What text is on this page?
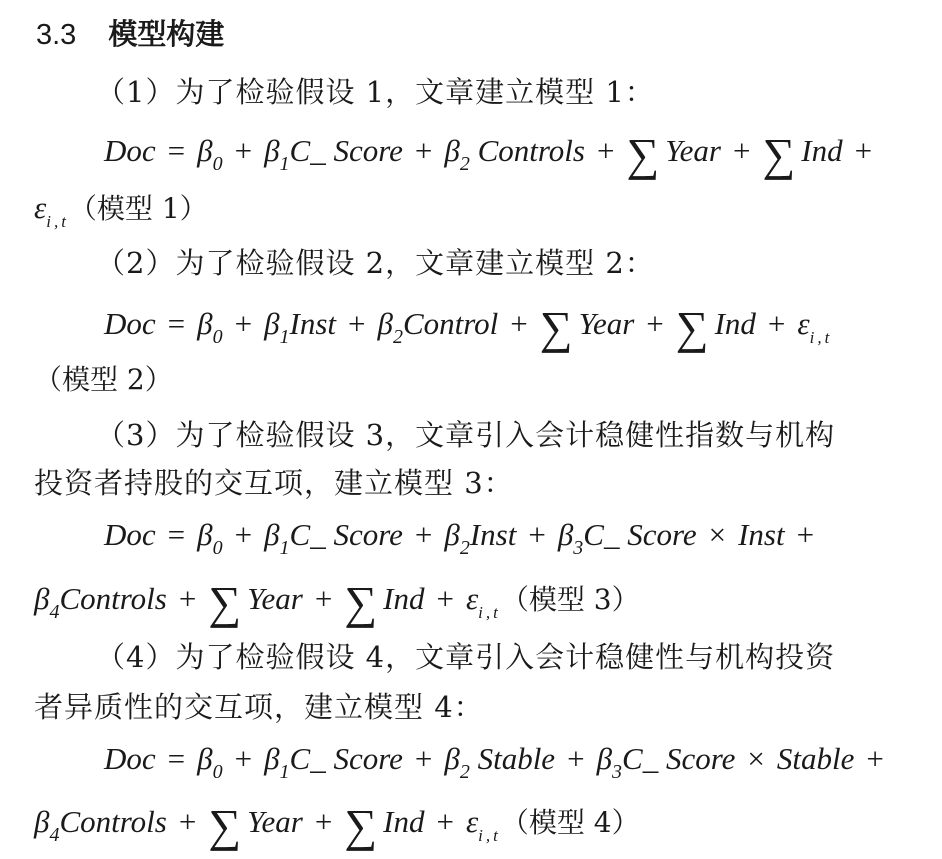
3.3 模型构建
（1）为了检验假设 1，文章建立模型 1：
Doc = $\beta_0$ + $\beta_1C\_$ Score + $\beta_2$ Controls + ∑ Year + ∑ Ind +
$\varepsilon_{i,t}$（模型 1）
（2）为了检验假设 2，文章建立模型 2：
Doc = $\beta_0$ + $\beta_1Inst$ + $\beta_2Control$ + ∑ Year + ∑ Ind + $\varepsilon_{i,t}$
（模型 2）
（3）为了检验假设 3，文章引入会计稳健性指数与机构
投资者持股的交互项，建立模型 3：
Doc = $\beta_0$ + $\beta_1C\_$ Score + $\beta_2Inst$ + $\beta_3C\_$ Score × Inst +
$\beta_4Controls$ + ∑ Year + ∑ Ind + $\varepsilon_{i,t}$（模型 3）
（4）为了检验假设 4，文章引入会计稳健性与机构投资
者异质性的交互项，建立模型 4：
Doc = $\beta_0$ + $\beta_1C\_$ Score + $\beta_2$ Stable + $\beta_3C\_$ Score × Stable +
$\beta_4Controls$ + ∑ Year + ∑ Ind + $\varepsilon_{i,t}$（模型 4）
